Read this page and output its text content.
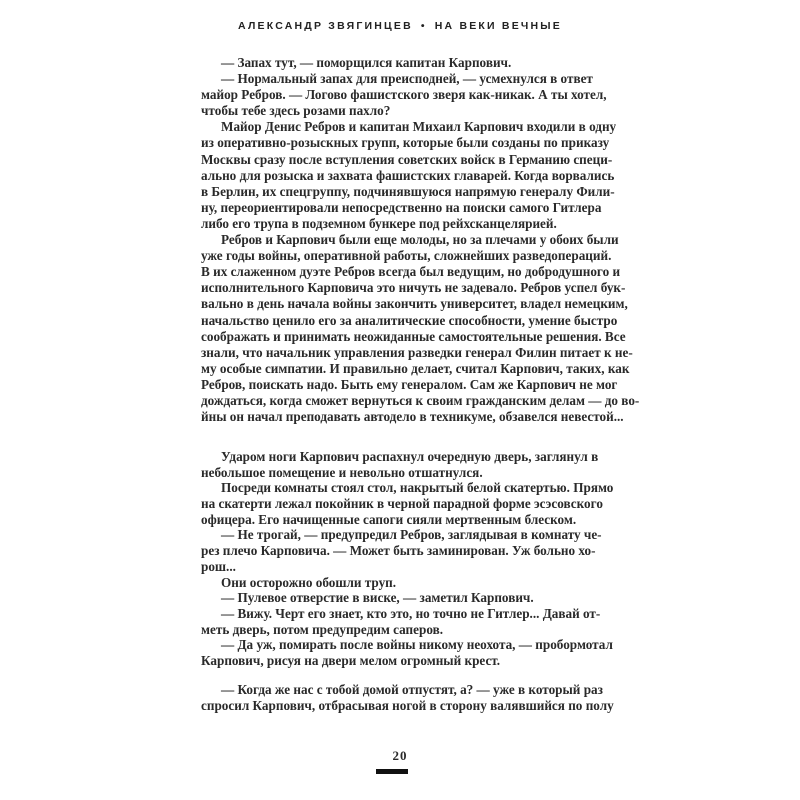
АЛЕКСАНДР ЗВЯГИНЦЕВ • НА ВЕКИ ВЕЧНЫЕ
— Запах тут, — поморщился капитан Карпович.
— Нормальный запах для преисподней, — усмехнулся в ответ
майор Ребров. — Логово фашистского зверя как-никак. А ты хотел,
чтобы тебе здесь розами пахло?
Майор Денис Ребров и капитан Михаил Карпович входили в одну
из оперативно-розыскных групп, которые были созданы по приказу
Москвы сразу после вступления советских войск в Германию специ-
ально для розыска и захвата фашистских главарей. Когда ворвались
в Берлин, их спецгруппу, подчинявшуюся напрямую генералу Фили-
ну, переориентировали непосредственно на поиски самого Гитлера
либо его трупа в подземном бункере под рейхсканцелярией.
Ребров и Карпович были еще молоды, но за плечами у обоих были
уже годы войны, оперативной работы, сложнейших разведопераций.
В их слаженном дуэте Ребров всегда был ведущим, но добродушного и
исполнительного Карповича это ничуть не задевало. Ребров успел бук-
вально в день начала войны закончить университет, владел немецким,
начальство ценило его за аналитические способности, умение быстро
соображать и принимать неожиданные самостоятельные решения. Все
знали, что начальник управления разведки генерал Филин питает к не-
му особые симпатии. И правильно делает, считал Карпович, таких, как
Ребров, поискать надо. Быть ему генералом. Сам же Карпович не мог
дождаться, когда сможет вернуться к своим гражданским делам — до во-
йны он начал преподавать автодело в техникуме, обзавелся невестой...
Ударом ноги Карпович распахнул очередную дверь, заглянул в
небольшое помещение и невольно отшатнулся.
Посреди комнаты стоял стол, накрытый белой скатертью. Прямо
на скатерти лежал покойник в черной парадной форме эсэсовского
офицера. Его начищенные сапоги сияли мертвенным блеском.
— Не трогай, — предупредил Ребров, заглядывая в комнату че-
рез плечо Карповича. — Может быть заминирован. Уж больно хо-
рош...
Они осторожно обошли труп.
— Пулевое отверстие в виске, — заметил Карпович.
— Вижу. Черт его знает, кто это, но точно не Гитлер... Давай от-
меть дверь, потом предупредим саперов.
— Да уж, помирать после войны никому неохота, — пробормотал
Карпович, рисуя на двери мелом огромный крест.
— Когда же нас с тобой домой отпустят, а? — уже в который раз
спросил Карпович, отбрасывая ногой в сторону валявшийся по полу
20
